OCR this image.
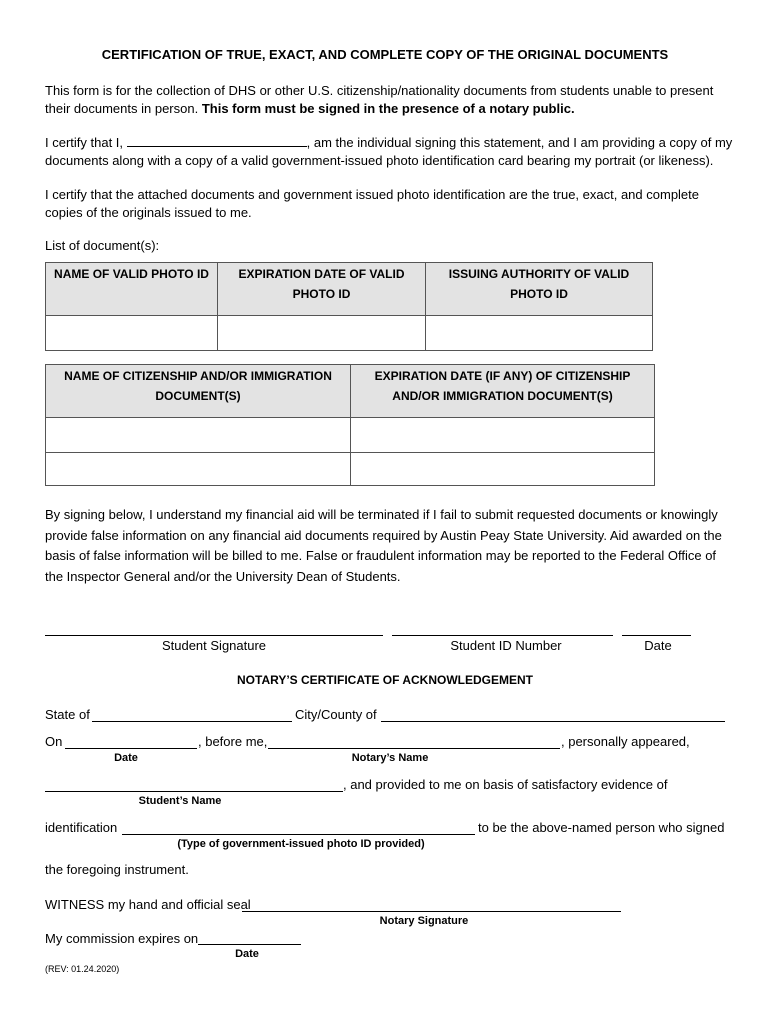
CERTIFICATION OF TRUE, EXACT, AND COMPLETE COPY OF THE ORIGINAL DOCUMENTS
This form is for the collection of DHS or other U.S. citizenship/nationality documents from students unable to present their documents in person. This form must be signed in the presence of a notary public.
I certify that I,	, am the individual signing this statement, and I am providing a copy of my documents along with a copy of a valid government-issued photo identification card bearing my portrait (or likeness).
I certify that the attached documents and government issued photo identification are the true, exact, and complete copies of the originals issued to me.
List of document(s):
NAME OF VALID PHOTO ID	EXPIRATION DATE OF VALID PHOTO ID	ISSUING AUTHORITY OF VALID PHOTO ID

NAME OF CITIZENSHIP AND/OR IMMIGRATION DOCUMENT(S)	EXPIRATION DATE (IF ANY) OF CITIZENSHIP AND/OR IMMIGRATION DOCUMENT(S)

By signing below, I understand my financial aid will be terminated if I fail to submit requested documents or knowingly provide false information on any financial aid documents required by Austin Peay State University. Aid awarded on the basis of false information will be billed to me. False or fraudulent information may be reported to the Federal Office of the Inspector General and/or the University Dean of Students.
Student Signature	Student ID Number	Date
NOTARY’S CERTIFICATE OF ACKNOWLEDGEMENT
State of	City/County of
On	, before me,	, personally appeared,
Date	Notary’s Name
, and provided to me on basis of satisfactory evidence of
Student’s Name
identification	to be the above-named person who signed
(Type of government-issued photo ID provided)
the foregoing instrument.
WITNESS my hand and official seal
Notary Signature
My commission expires on
Date
(REV: 01.24.2020)
